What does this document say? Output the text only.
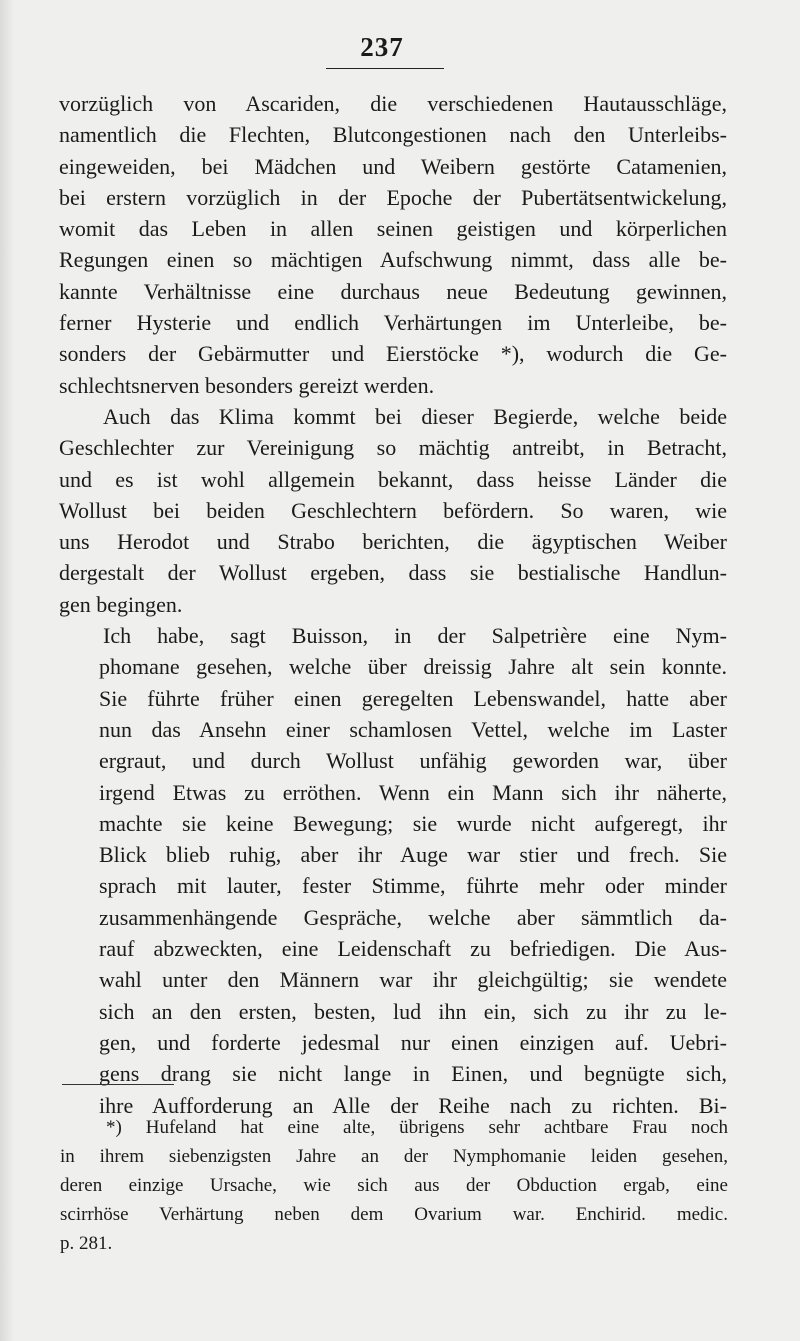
237
vorzüglich von Ascariden, die verschiedenen Hautausschläge,
namentlich die Flechten, Blutcongestionen nach den Unterleibs-
eingeweiden, bei Mädchen und Weibern gestörte Catamenien,
bei erstern vorzüglich in der Epoche der Pubertätsentwickelung,
womit das Leben in allen seinen geistigen und körperlichen
Regungen einen so mächtigen Aufschwung nimmt, dass alle be-
kannte Verhältnisse eine durchaus neue Bedeutung gewinnen,
ferner Hysterie und endlich Verhärtungen im Unterleibe, be-
sonders der Gebärmutter und Eierstöcke *), wodurch die Ge-
schlechtsnerven besonders gereizt werden.
Auch das Klima kommt bei dieser Begierde, welche beide
Geschlechter zur Vereinigung so mächtig antreibt, in Betracht,
und es ist wohl allgemein bekannt, dass heisse Länder die
Wollust bei beiden Geschlechtern befördern. So waren, wie
uns Herodot und Strabo berichten, die ägyptischen Weiber
dergestalt der Wollust ergeben, dass sie bestialische Handlun-
gen begingen.
Ich habe, sagt Buisson, in der Salpetrière eine Nym-
phomane gesehen, welche über dreissig Jahre alt sein konnte.
Sie führte früher einen geregelten Lebenswandel, hatte aber
nun das Ansehn einer schamlosen Vettel, welche im Laster
ergraut, und durch Wollust unfähig geworden war, über
irgend Etwas zu erröthen. Wenn ein Mann sich ihr näherte,
machte sie keine Bewegung; sie wurde nicht aufgeregt, ihr
Blick blieb ruhig, aber ihr Auge war stier und frech. Sie
sprach mit lauter, fester Stimme, führte mehr oder minder
zusammenhängende Gespräche, welche aber sämmtlich da-
rauf abzweckten, eine Leidenschaft zu befriedigen. Die Aus-
wahl unter den Männern war ihr gleichgültig; sie wendete
sich an den ersten, besten, lud ihn ein, sich zu ihr zu le-
gen, und forderte jedesmal nur einen einzigen auf. Uebri-
gens drang sie nicht lange in Einen, und begnügte sich,
ihre Aufforderung an Alle der Reihe nach zu richten. Bi-
*) Hufeland hat eine alte, übrigens sehr achtbare Frau noch
in ihrem siebenzigsten Jahre an der Nymphomanie leiden gesehen,
deren einzige Ursache, wie sich aus der Obduction ergab, eine
scirrhöse Verhärtung neben dem Ovarium war. Enchirid. medic.
p. 281.
